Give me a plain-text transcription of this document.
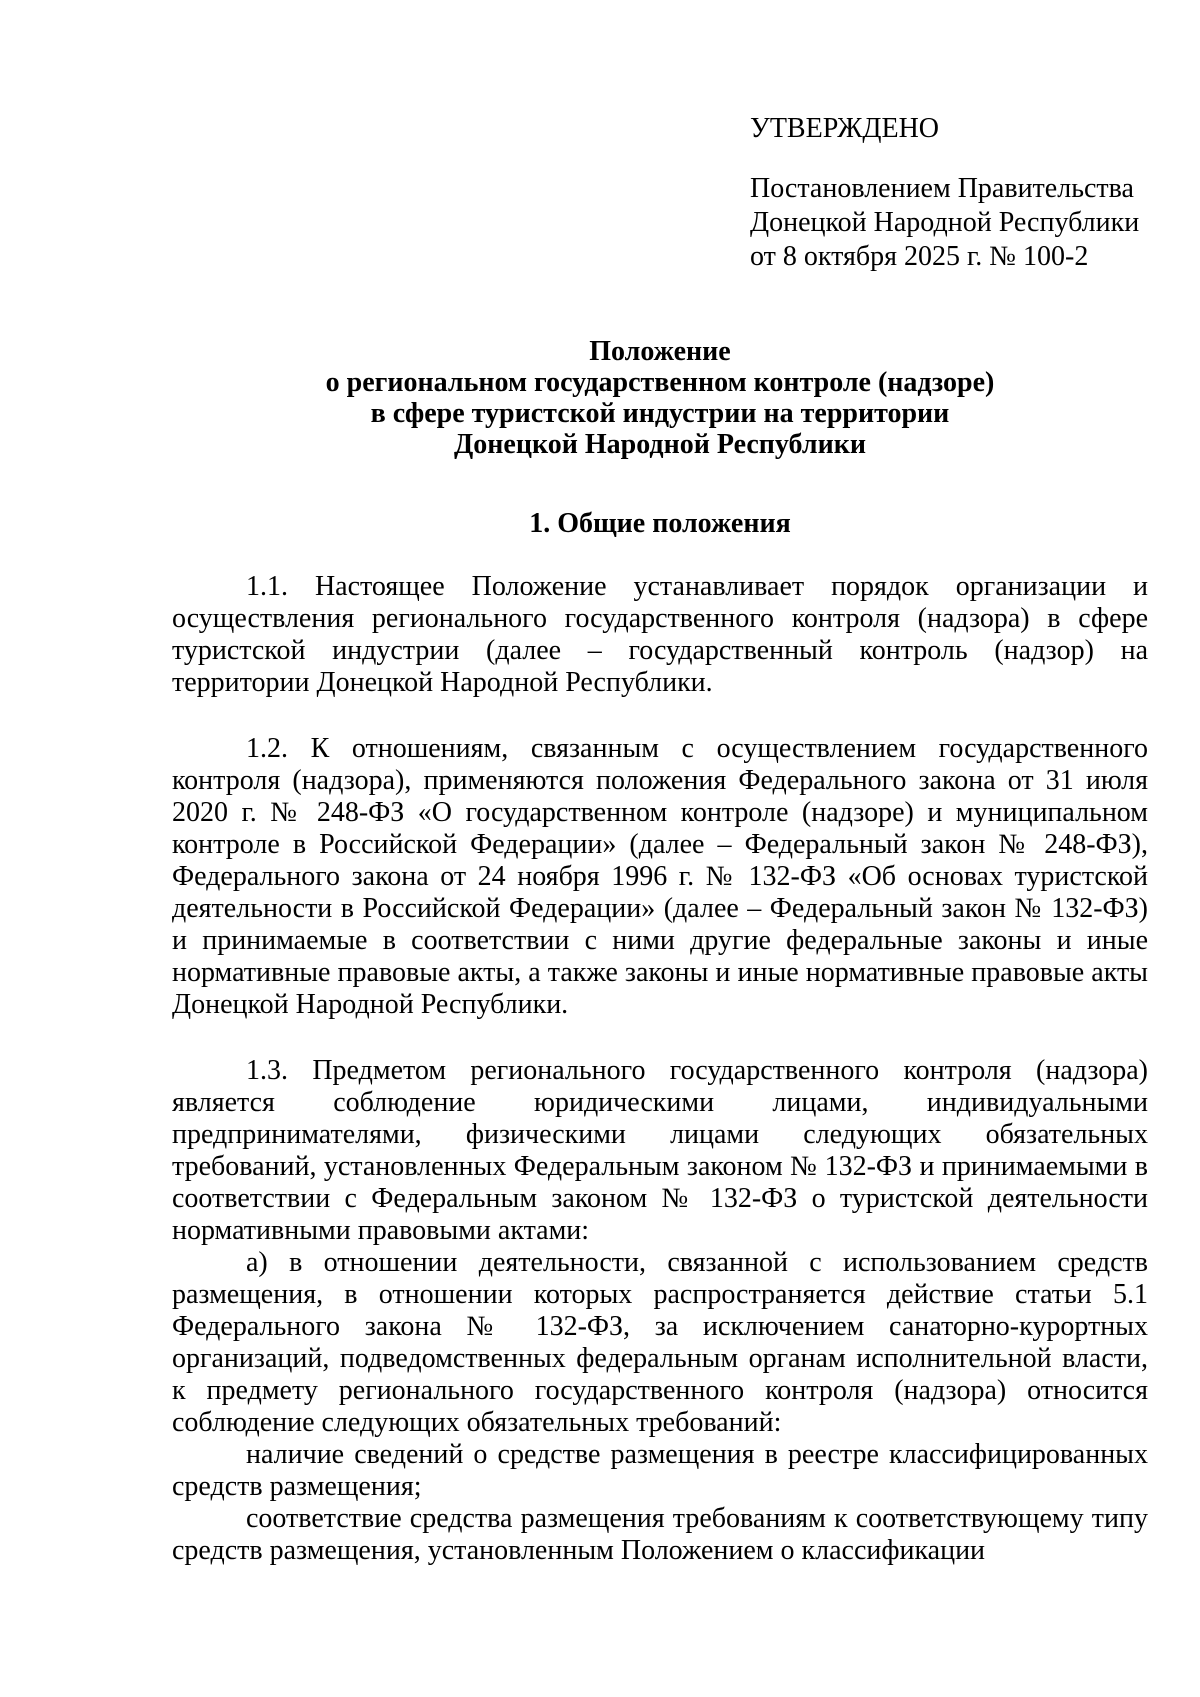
УТВЕРЖДЕНО
Постановлением Правительства
Донецкой Народной Республики
от 8 октября 2025 г. № 100-2
Положение
о региональном государственном контроле (надзоре)
в сфере туристской индустрии на территории
Донецкой Народной Республики
1. Общие положения

1.1. Настоящее Положение устанавливает порядок организации и осуществления регионального государственного контроля (надзора) в сфере туристской индустрии (далее – государственный контроль (надзор) на территории Донецкой Народной Республики.

1.2. К отношениям, связанным с осуществлением государственного контроля (надзора), применяются положения Федерального закона от 31 июля 2020 г. № 248-ФЗ «О государственном контроле (надзоре) и муниципальном контроле в Российской Федерации» (далее – Федеральный закон № 248-ФЗ), Федерального закона от 24 ноября 1996 г. № 132-ФЗ «Об основах туристской деятельности в Российской Федерации» (далее – Федеральный закон № 132-ФЗ) и принимаемые в соответствии с ними другие федеральные законы и иные нормативные правовые акты, а также законы и иные нормативные правовые акты Донецкой Народной Республики.

1.3. Предметом регионального государственного контроля (надзора) является соблюдение юридическими лицами, индивидуальными предпринимателями, физическими лицами следующих обязательных требований, установленных Федеральным законом № 132-ФЗ и принимаемыми в соответствии с Федеральным законом № 132-ФЗ о туристской деятельности нормативными правовыми актами:

а) в отношении деятельности, связанной с использованием средств размещения, в отношении которых распространяется действие статьи 5.1 Федерального закона № 132-ФЗ, за исключением санаторно-курортных организаций, подведомственных федеральным органам исполнительной власти, к предмету регионального государственного контроля (надзора) относится соблюдение следующих обязательных требований:

наличие сведений о средстве размещения в реестре классифицированных средств размещения;

соответствие средства размещения требованиям к соответствующему типу средств размещения, установленным Положением о классификации
